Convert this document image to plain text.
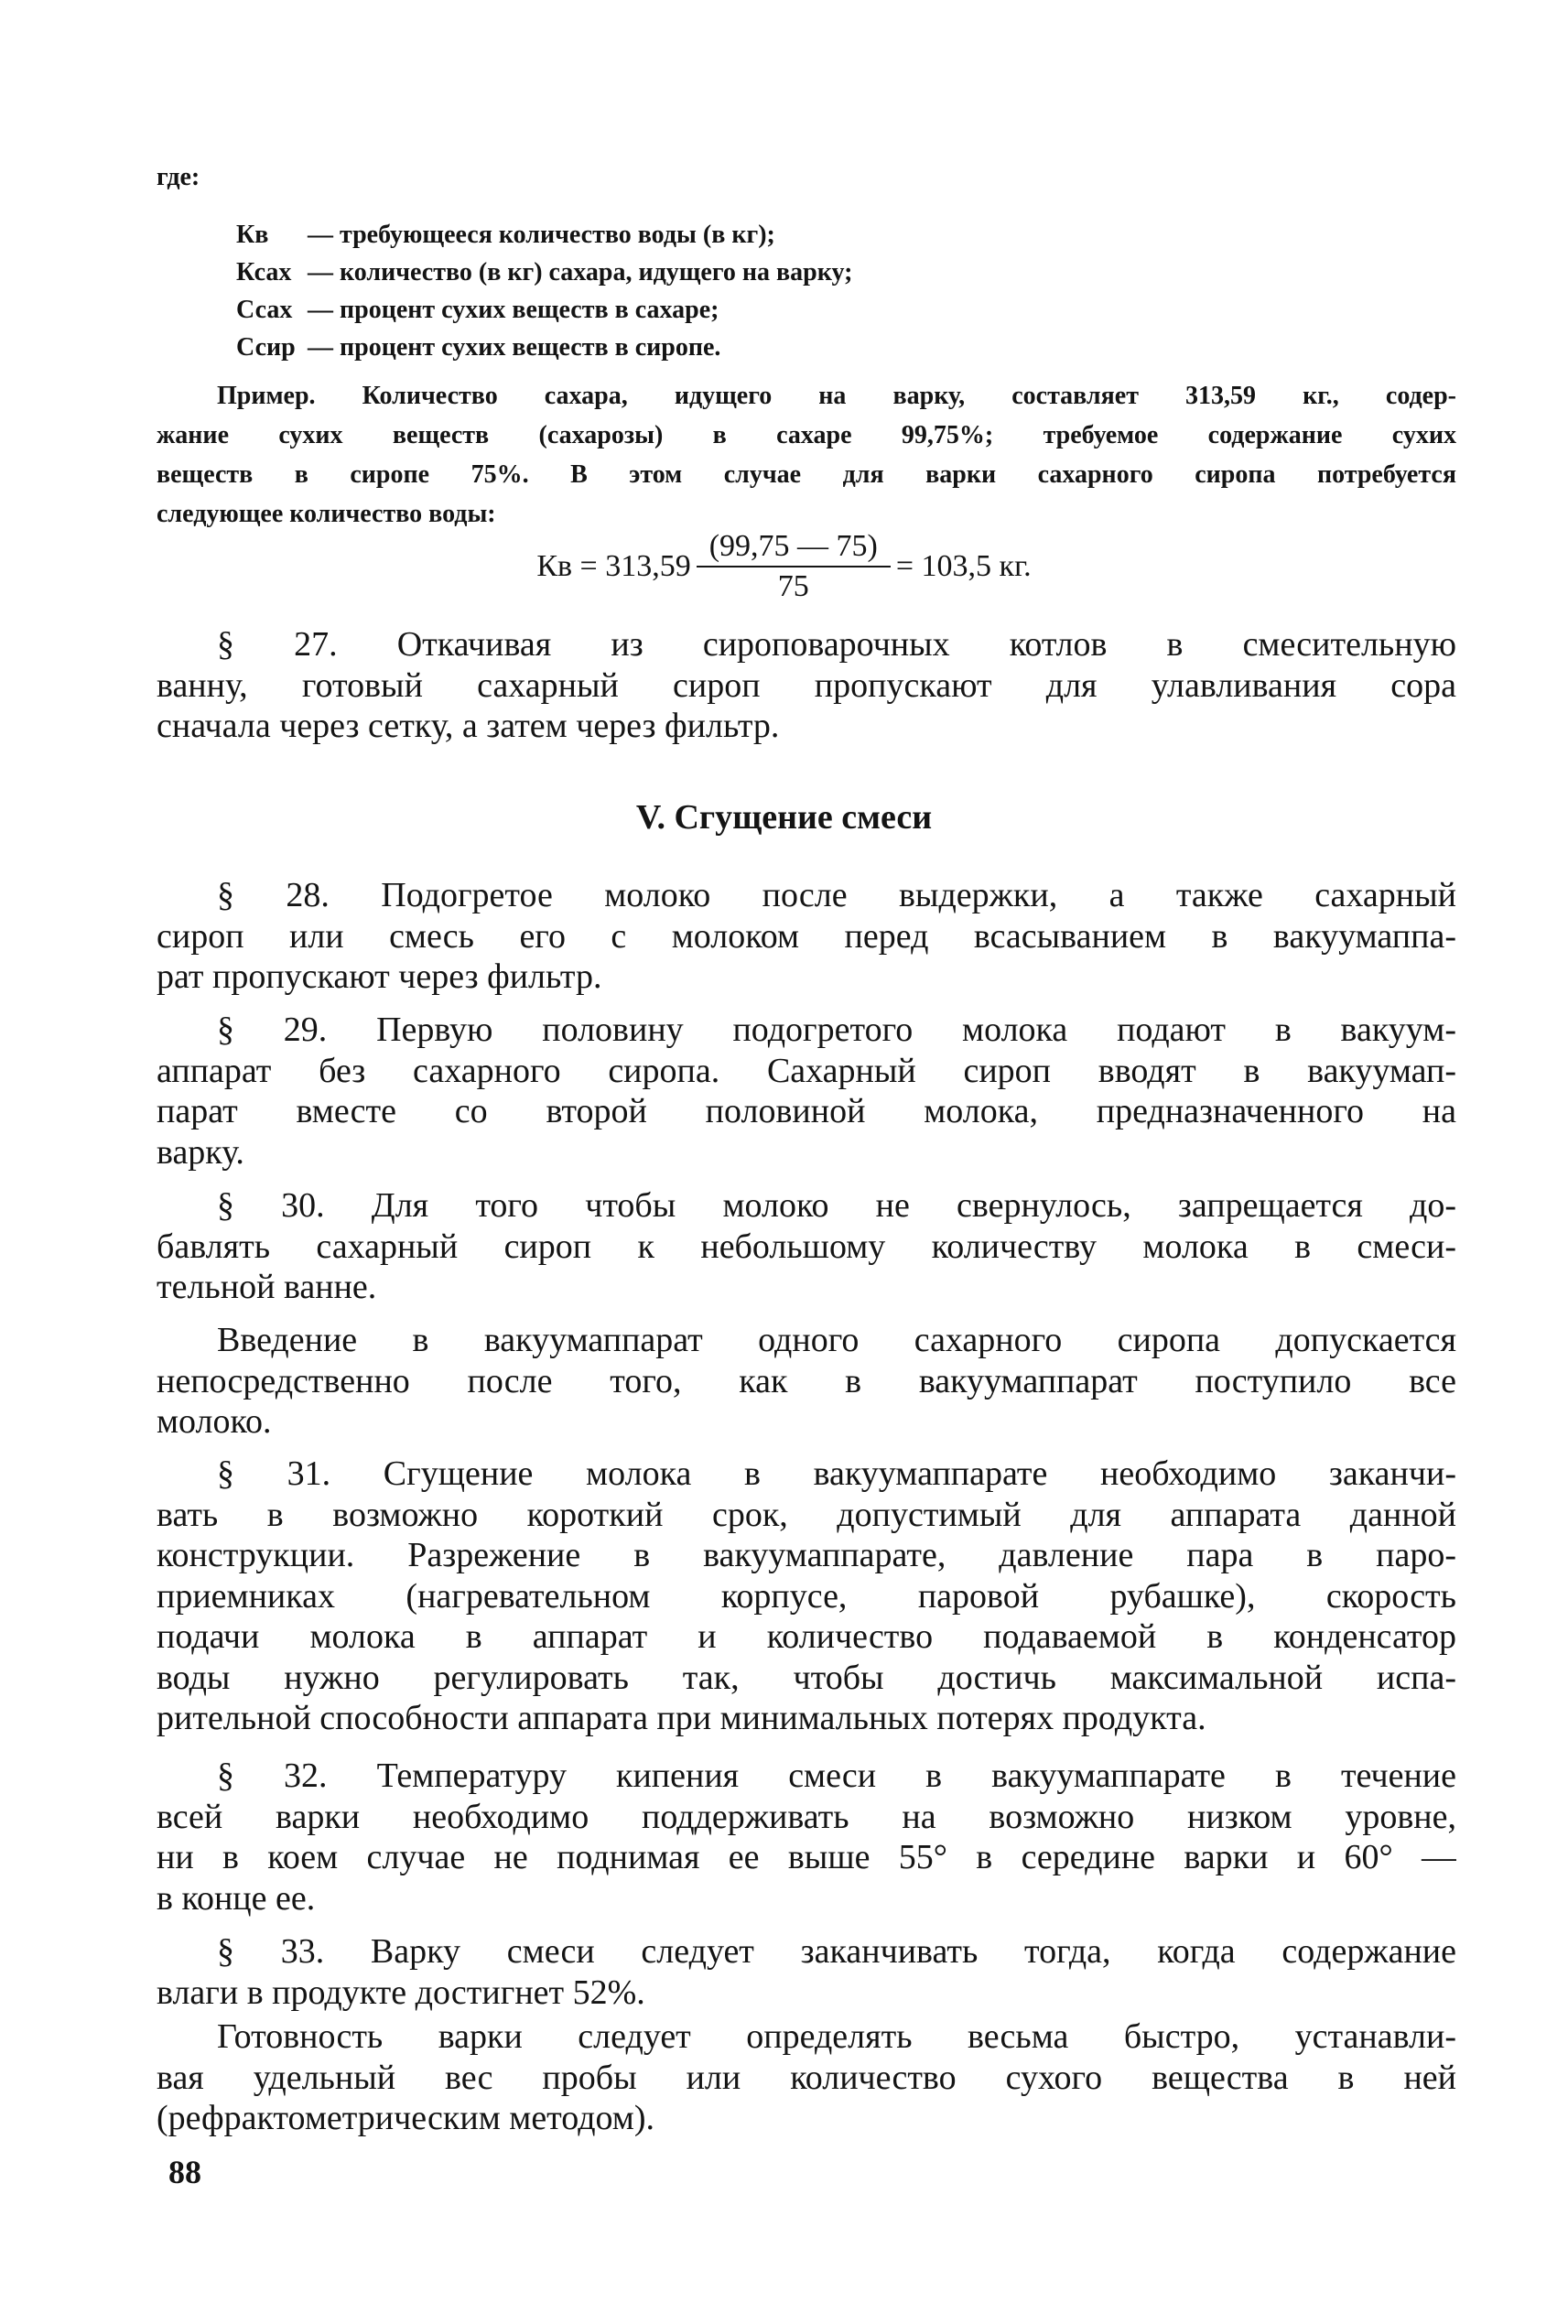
где:
Кв	— требующееся количество воды (в кг);
Ксах — количество (в кг) сахара, идущего на варку;
Ссах — процент сухих веществ в сахаре;
Ссир — процент сухих веществ в сиропе.
Пример. Количество сахара, идущего на варку, составляет 313,59 кг., содер-
жание сухих веществ (сахарозы) в сахаре 99,75%; требуемое содержание сухих
веществ в сиропе 75%. В этом случае для варки сахарного сиропа потребуется
следующее количество воды:
Кв = $313,59 \frac{(99,75 — 75)}{75} = 103,5$ кг.
§ 27. Откачивая из сироповарочных котлов в смесительную
ванну, готовый сахарный сироп пропускают для улавливания сора
сначала через сетку, а затем через фильтр.
V. Сгущение смеси
§ 28. Подогретое молоко после выдержки, а также сахарный
сироп или смесь его с молоком перед всасыванием в вакуумаппа-
рат пропускают через фильтр.
§ 29. Первую половину подогретого молока подают в вакуум-
аппарат без сахарного сиропа. Сахарный сироп вводят в вакуумап-
парат вместе со второй половиной молока, предназначенного на
варку.
§ 30. Для того чтобы молоко не свернулось, запрещается до-
бавлять сахарный сироп к небольшому количеству молока в смеси-
тельной ванне.
Введение в вакуумаппарат одного сахарного сиропа допускается
непосредственно после того, как в вакуумаппарат поступило все
молоко.
§ 31. Сгущение молока в вакуумаппарате необходимо заканчи-
вать в возможно короткий срок, допустимый для аппарата данной
конструкции. Разрежение в вакуумаппарате, давление пара в паро-
приемниках (нагревательном корпусе, паровой рубашке), скорость
подачи молока в аппарат и количество подаваемой в конденсатор
воды нужно регулировать так, чтобы достичь максимальной испа-
рительной способности аппарата при минимальных потерях продукта.
§ 32. Температуру кипения смеси в вакуумаппарате в течение
всей варки необходимо поддерживать на возможно низком уровне,
ни в коем случае не поднимая ее выше 55° в середине варки и 60° —
в конце ее.
§ 33. Варку смеси следует заканчивать тогда, когда содержание
влаги в продукте достигнет 52%.
Готовность варки следует определять весьма быстро, устанавли-
вая удельный вес пробы или количество сухого вещества в ней
(рефрактометрическим методом).
88
